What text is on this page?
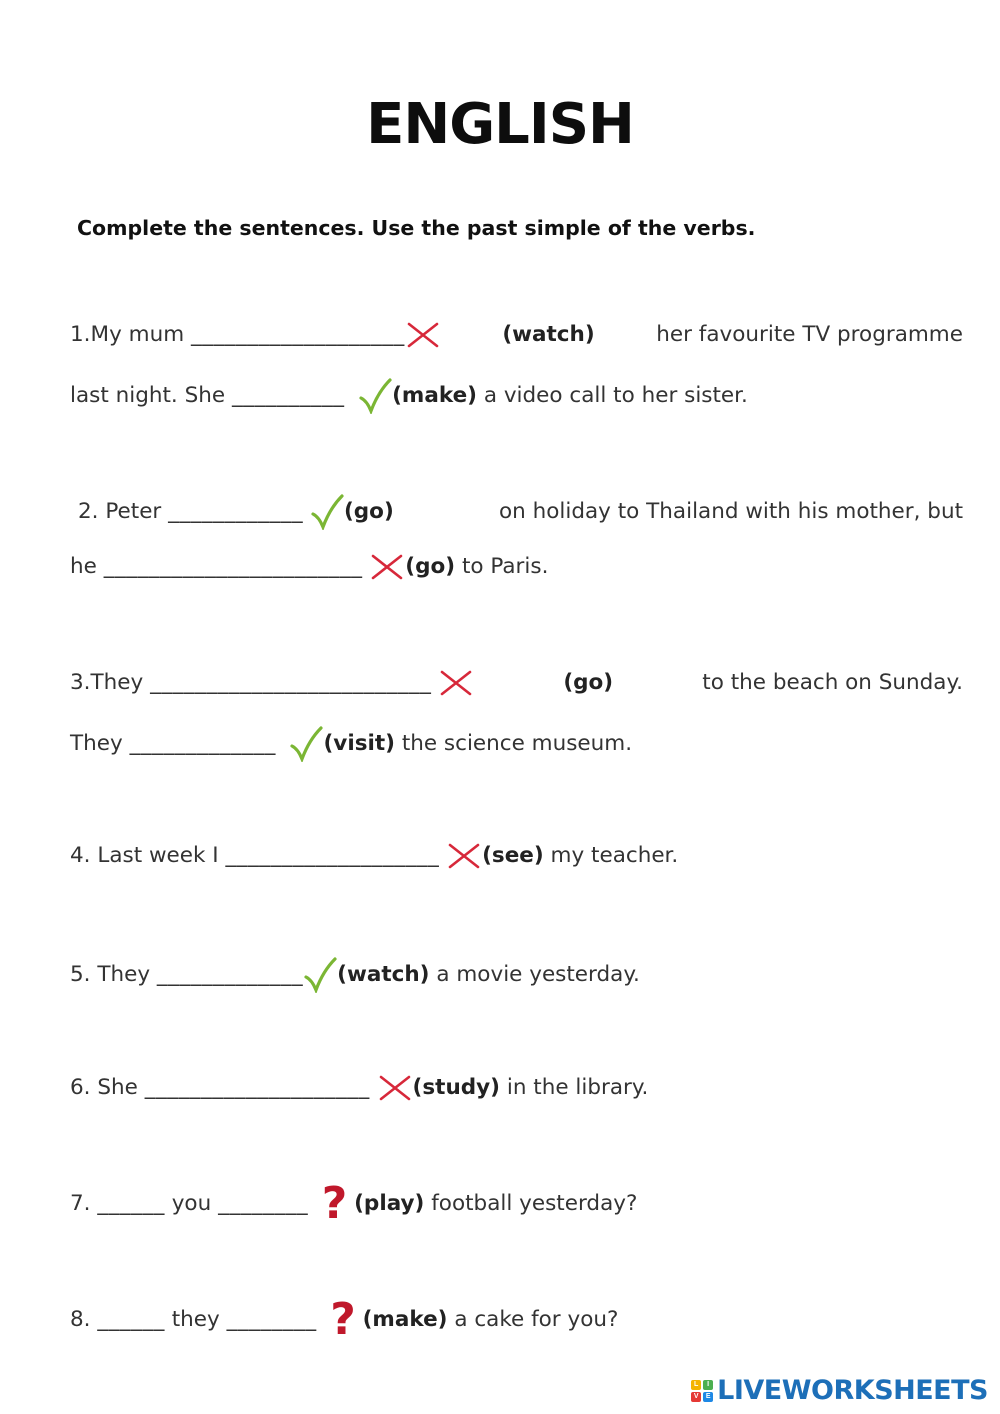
ENGLISH
Complete the sentences. Use the past simple of the verbs.
1.My mum
___________________	(watch)	her favourite TV programme
last night. She __________ (make) a video call to her sister.
2. Peter
____________
(go)	on holiday to Thailand with his mother, but
he _______________________ (go) to Paris.
3.They
_________________________
	(go)	to the beach on Sunday.
They _____________ (visit) the science museum.
4. Last week I ___________________ (see) my teacher.
5. They _____________ (watch) a movie yesterday.
6. She ____________________ (study) in the library.
7. ______ you ________ ? (play) football yesterday?
8. ______ they ________ ? (make) a cake for you?
L	I
V	E LIVEWORKSHEETS
